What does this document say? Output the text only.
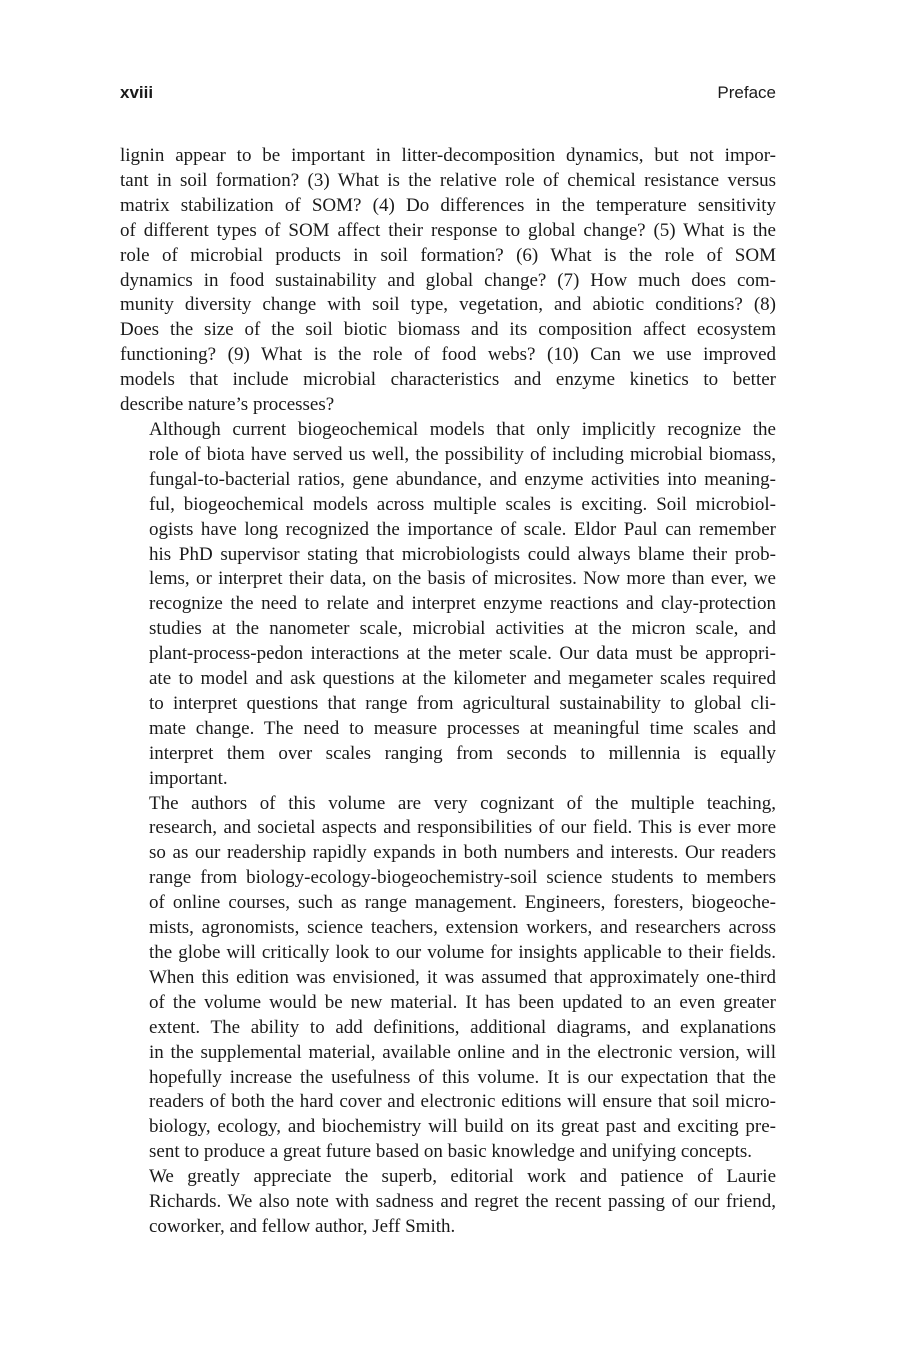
xviii	Preface

lignin appear to be important in litter-decomposition dynamics, but not impor-
tant in soil formation? (3) What is the relative role of chemical resistance versus
matrix stabilization of SOM? (4) Do differences in the temperature sensitivity
of different types of SOM affect their response to global change? (5) What is the
role of microbial products in soil formation? (6) What is the role of SOM
dynamics in food sustainability and global change? (7) How much does com-
munity diversity change with soil type, vegetation, and abiotic conditions? (8)
Does the size of the soil biotic biomass and its composition affect ecosystem
functioning? (9) What is the role of food webs? (10) Can we use improved
models that include microbial characteristics and enzyme kinetics to better
describe nature’s processes?

Although current biogeochemical models that only implicitly recognize the
role of biota have served us well, the possibility of including microbial biomass,
fungal-to-bacterial ratios, gene abundance, and enzyme activities into meaning-
ful, biogeochemical models across multiple scales is exciting. Soil microbiol-
ogists have long recognized the importance of scale. Eldor Paul can remember
his PhD supervisor stating that microbiologists could always blame their prob-
lems, or interpret their data, on the basis of microsites. Now more than ever, we
recognize the need to relate and interpret enzyme reactions and clay-protection
studies at the nanometer scale, microbial activities at the micron scale, and
plant-process-pedon interactions at the meter scale. Our data must be appropri-
ate to model and ask questions at the kilometer and megameter scales required
to interpret questions that range from agricultural sustainability to global cli-
mate change. The need to measure processes at meaningful time scales and
interpret them over scales ranging from seconds to millennia is equally
important.

The authors of this volume are very cognizant of the multiple teaching,
research, and societal aspects and responsibilities of our field. This is ever more
so as our readership rapidly expands in both numbers and interests. Our readers
range from biology-ecology-biogeochemistry-soil science students to members
of online courses, such as range management. Engineers, foresters, biogeoche-
mists, agronomists, science teachers, extension workers, and researchers across
the globe will critically look to our volume for insights applicable to their fields.
When this edition was envisioned, it was assumed that approximately one-third
of the volume would be new material. It has been updated to an even greater
extent. The ability to add definitions, additional diagrams, and explanations
in the supplemental material, available online and in the electronic version, will
hopefully increase the usefulness of this volume. It is our expectation that the
readers of both the hard cover and electronic editions will ensure that soil micro-
biology, ecology, and biochemistry will build on its great past and exciting pre-
sent to produce a great future based on basic knowledge and unifying concepts.

We greatly appreciate the superb, editorial work and patience of Laurie
Richards. We also note with sadness and regret the recent passing of our friend,
coworker, and fellow author, Jeff Smith.
